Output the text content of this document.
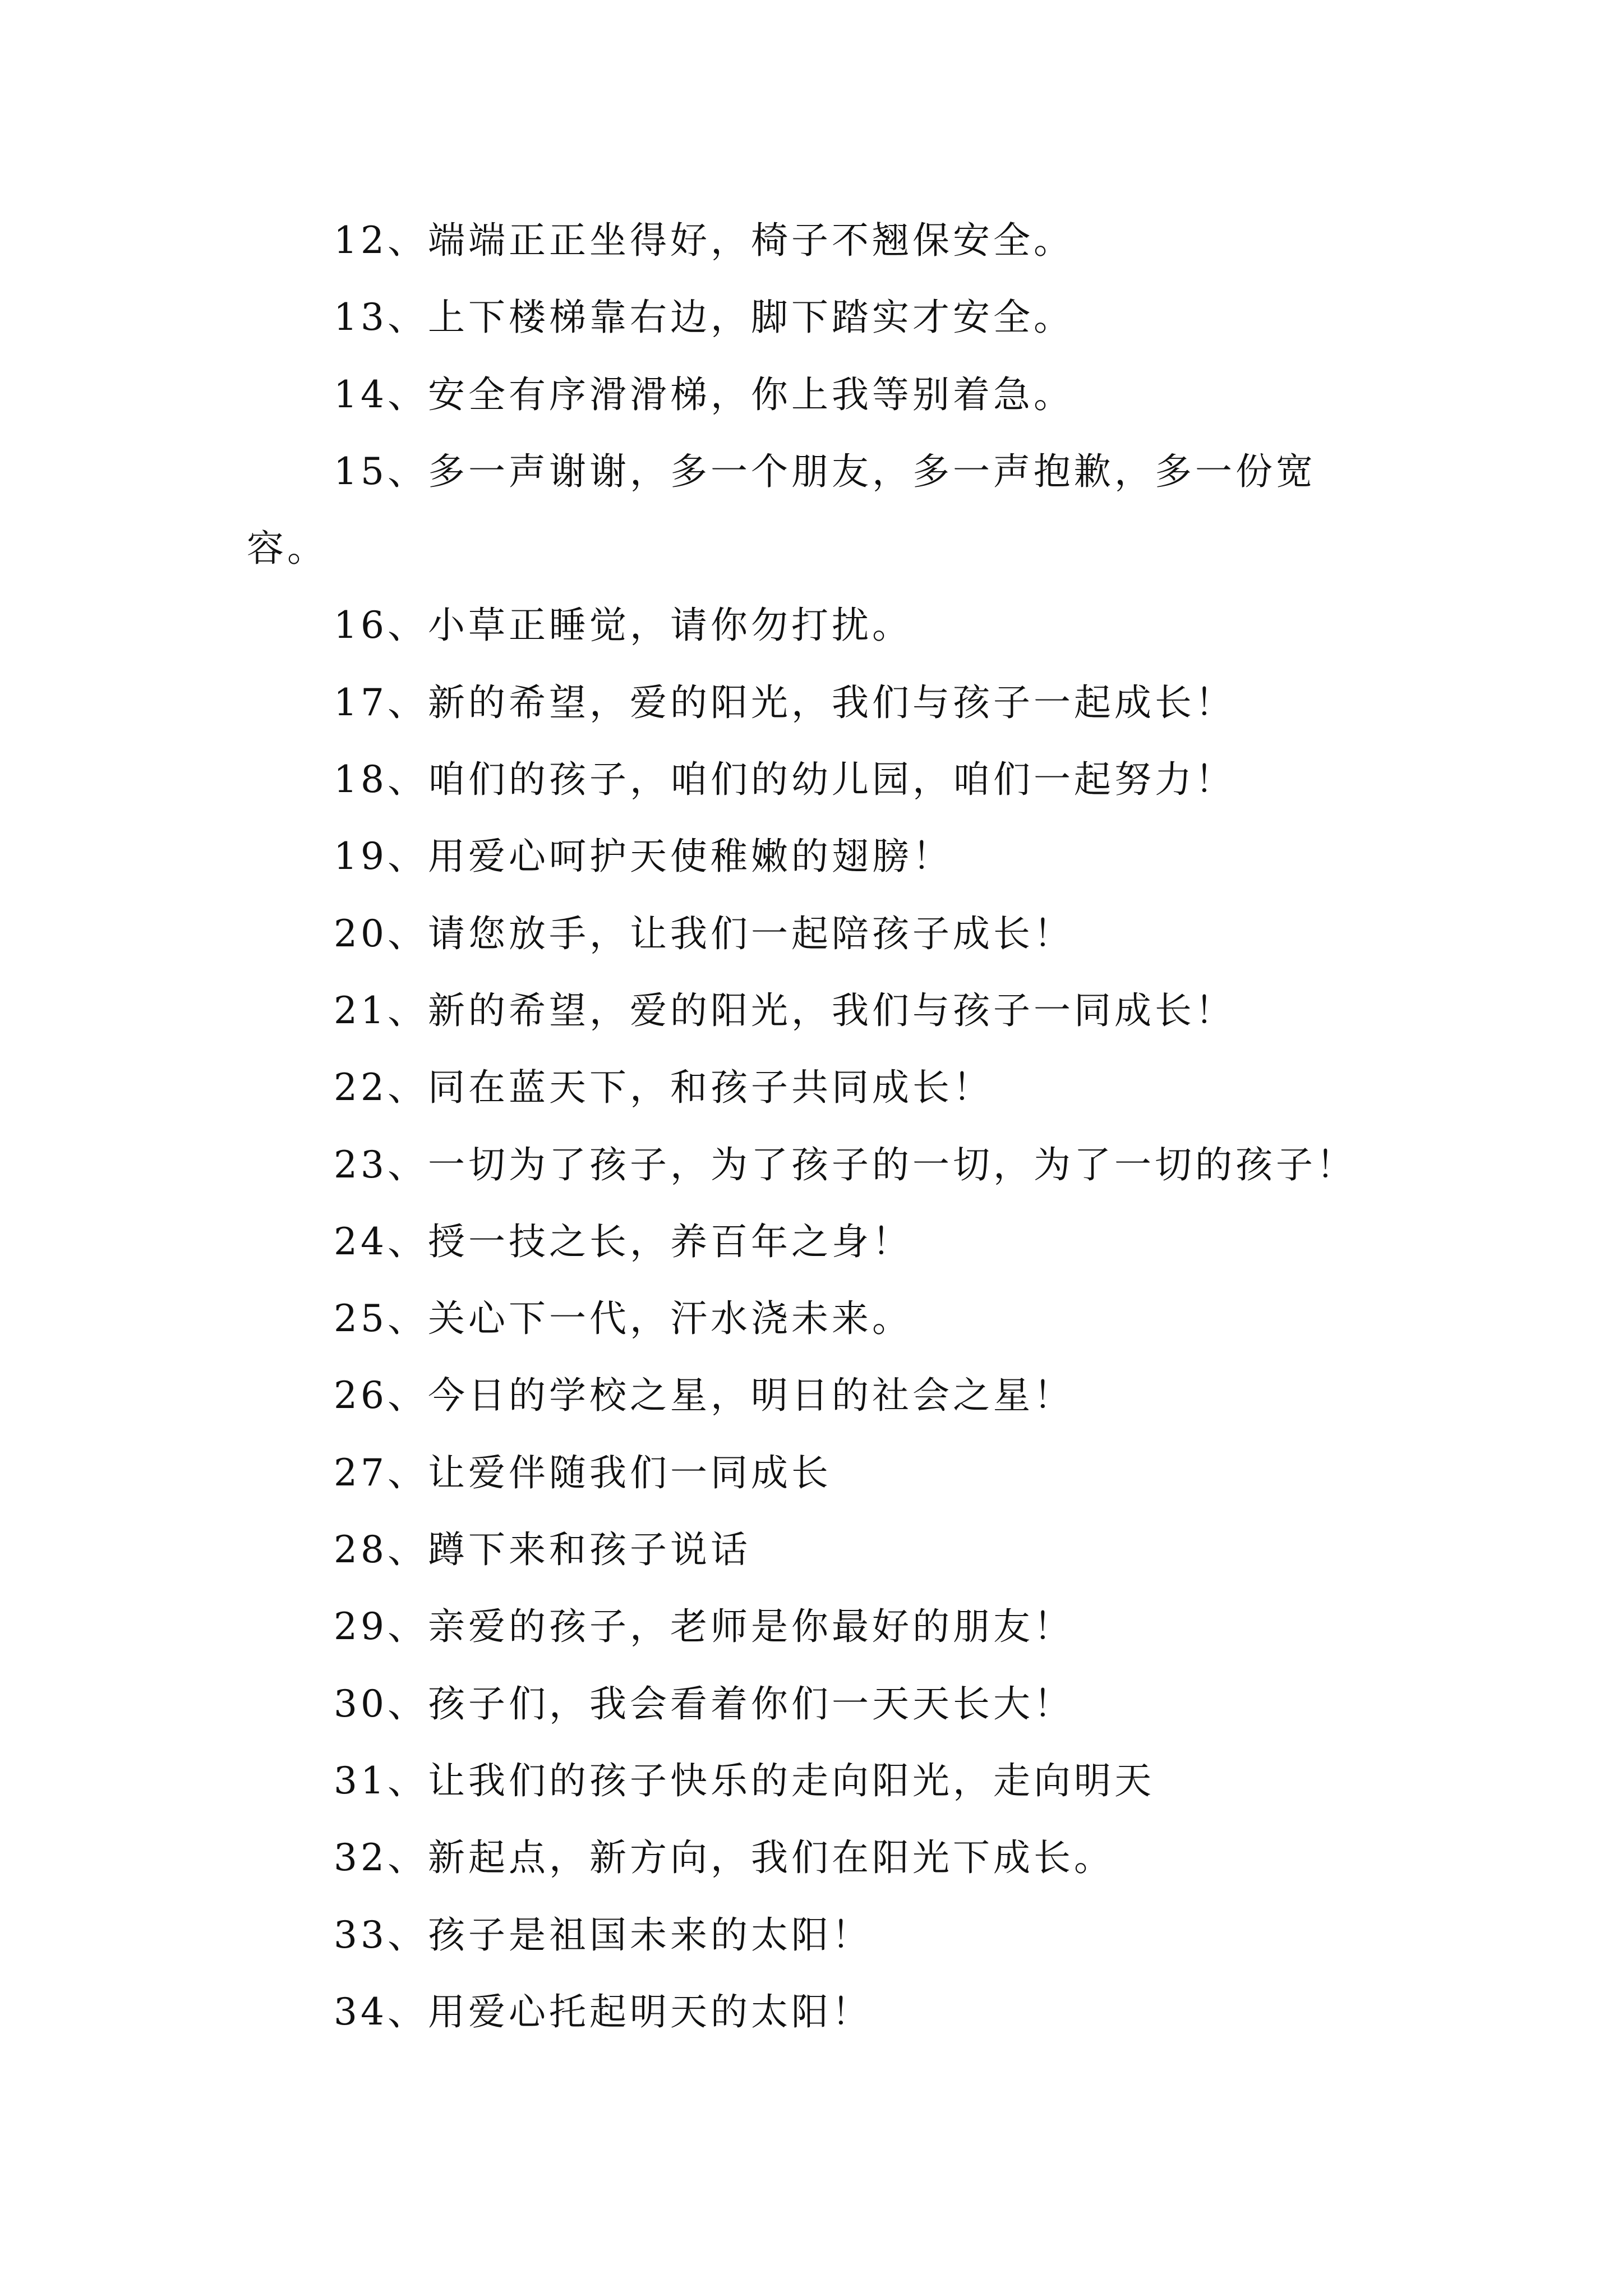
12、端端正正坐得好，椅子不翘保安全。
13、上下楼梯靠右边，脚下踏实才安全。
14、安全有序滑滑梯，你上我等别着急。
15、多一声谢谢，多一个朋友，多一声抱歉，多一份宽
容。
16、小草正睡觉，请你勿打扰。
17、新的希望，爱的阳光，我们与孩子一起成长！
18、咱们的孩子，咱们的幼儿园，咱们一起努力！
19、用爱心呵护天使稚嫩的翅膀！
20、请您放手，让我们一起陪孩子成长！
21、新的希望，爱的阳光，我们与孩子一同成长！
22、同在蓝天下，和孩子共同成长！
23、一切为了孩子，为了孩子的一切，为了一切的孩子！
24、授一技之长，养百年之身！
25、关心下一代，汗水浇未来。
26、今日的学校之星，明日的社会之星！
27、让爱伴随我们一同成长
28、蹲下来和孩子说话
29、亲爱的孩子，老师是你最好的朋友！
30、孩子们，我会看着你们一天天长大！
31、让我们的孩子快乐的走向阳光，走向明天
32、新起点，新方向，我们在阳光下成长。
33、孩子是祖国未来的太阳！
34、用爱心托起明天的太阳！
